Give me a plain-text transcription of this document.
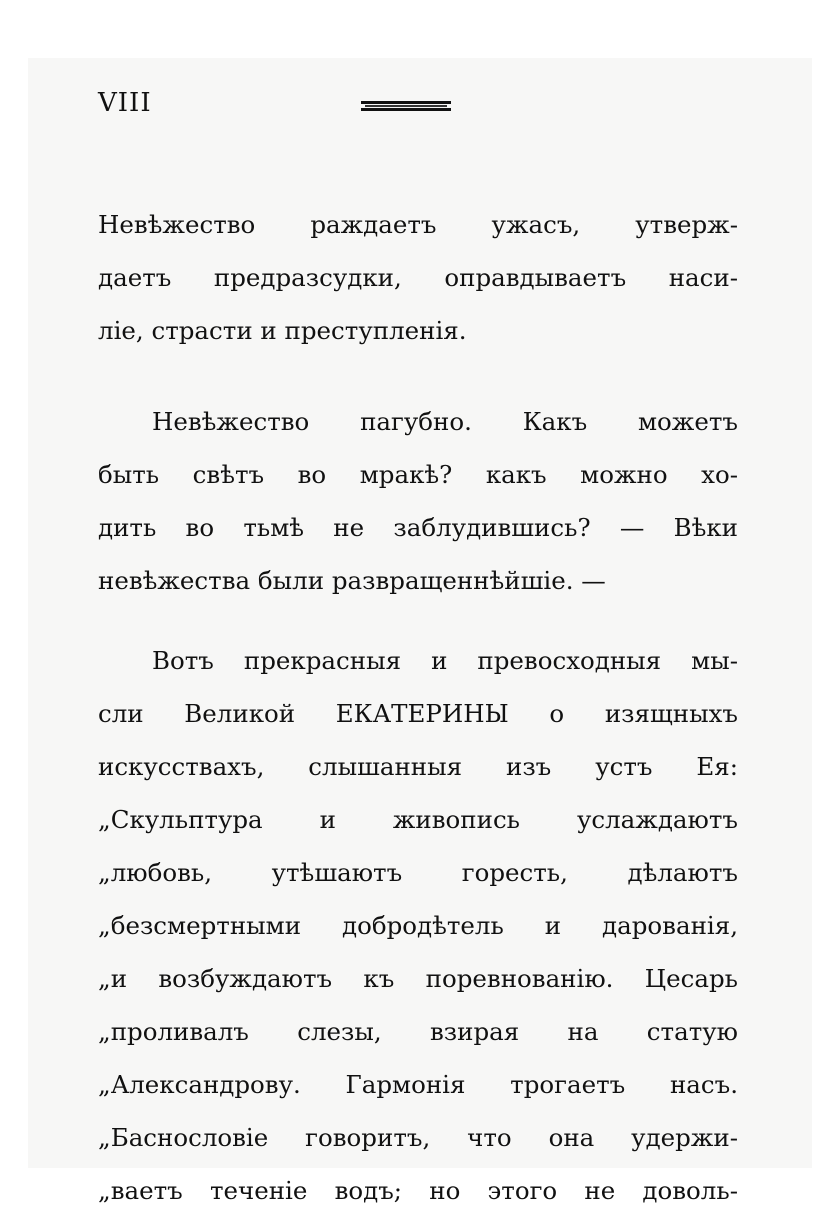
VIII
Невѣжество раждаетъ ужасъ, утверж-
даетъ предразсудки, оправдываетъ наси-
ліе, страсти и преступленія.
Невѣжество пагубно. Какъ можетъ
быть свѣтъ во мракѣ? какъ можно хо-
дить во тьмѣ не заблудившись? — Вѣки
невѣжества были развращеннѣйшіе. —
Вотъ прекрасныя и превосходныя мы-
сли Великой ЕКАТЕРИНЫ о изящныхъ
искусствахъ, слышанныя изъ устъ Ея:
„Скульптура и живопись услаждаютъ
„любовь, утѣшаютъ горесть, дѣлаютъ
„безсмертными добродѣтель и дарованія,
„и возбуждаютъ къ поревнованію. Цесарь
„проливалъ слезы, взирая на статую
„Александрову. Гармонія трогаетъ насъ.
„Баснословіе говоритъ, что она удержи-
„ваетъ теченіе водъ; но этого не доволь-
